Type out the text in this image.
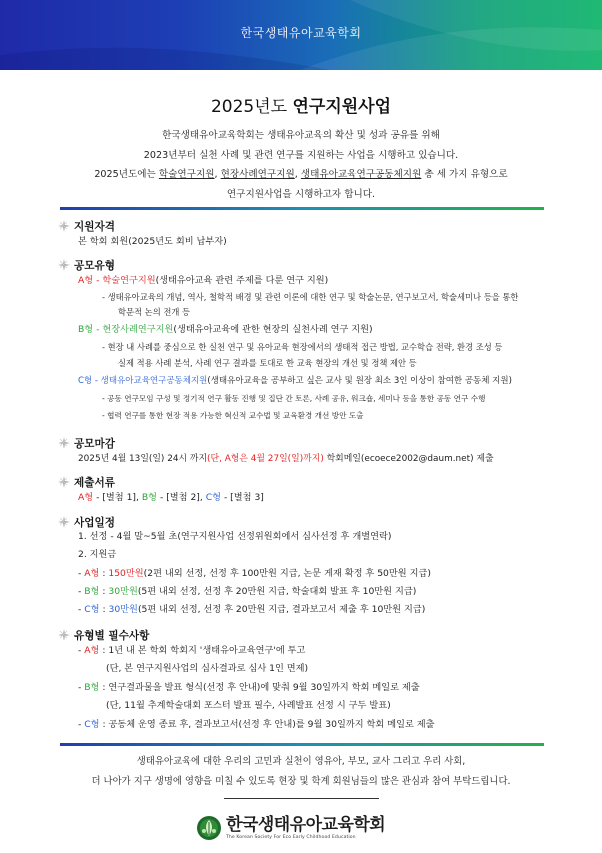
한국생태유아교육학회
2025년도 연구지원사업
한국생태유아교육학회는 생태유아교육의 확산 및 성과 공유를 위해
2023년부터 실천 사례 및 관련 연구를 지원하는 사업을 시행하고 있습니다.
2025년도에는 학술연구지원, 현장사례연구지원, 생태유아교육연구공동체지원 총 세 가지 유형으로
연구지원사업을 시행하고자 합니다.
지원자격
본 학회 회원(2025년도 회비 납부자)
공모유형
A형 - 학술연구지원(생태유아교육 관련 주제를 다룬 연구 지원)
- 생태유아교육의 개념, 역사, 철학적 배경 및 관련 이론에 대한 연구 및 학술논문, 연구보고서, 학술세미나 등을 통한
학문적 논의 전개 등
B형 - 현장사례연구지원(생태유아교육에 관한 현장의 실천사례 연구 지원)
- 현장 내 사례를 중심으로 한 실천 연구 및 유아교육 현장에서의 생태적 접근 방법, 교수학습 전략, 환경 조성 등
실제 적용 사례 분석, 사례 연구 결과를 토대로 한 교육 현장의 개선 및 정책 제안 등
C형 - 생태유아교육연구공동체지원(생태유아교육을 공부하고 싶은 교사 및 원장 최소 3인 이상이 참여한 공동체 지원)
- 공동 연구모임 구성 및 정기적 연구 활동 진행 및 집단 간 토론, 사례 공유, 워크숍, 세미나 등을 통한 공동 연구 수행
- 협력 연구를 통한 현장 적용 가능한 혁신적 교수법 및 교육환경 개선 방안 도출
공모마감
2025년 4월 13일(일) 24시 까지(단, A형은 4월 27일(일)까지) 학회메일(ecoece2002@daum.net) 제출
제출서류
A형 - [별첨 1], B형 - [별첨 2], C형 - [별첨 3]
사업일정
1. 선정 - 4월 말~5월 초(연구지원사업 선정위원회에서 심사선정 후 개별연락)
2. 지원금
- A형 : 150만원(2편 내외 선정, 선정 후 100만원 지급, 논문 게재 확정 후 50만원 지급)
- B형 : 30만원(5편 내외 선정, 선정 후 20만원 지급, 학술대회 발표 후 10만원 지급)
- C형 : 30만원(5편 내외 선정, 선정 후 20만원 지급, 결과보고서 제출 후 10만원 지급)
유형별 필수사항
- A형 : 1년 내 본 학회 학회지 '생태유아교육연구'에 투고
(단, 본 연구지원사업의 심사결과로 심사 1인 면제)
- B형 : 연구결과물을 발표 형식(선정 후 안내)에 맞춰 9월 30일까지 학회 메일로 제출
(단, 11월 추계학술대회 포스터 발표 필수, 사례발표 선정 시 구두 발표)
- C형 : 공동체 운영 종료 후, 결과보고서(선정 후 안내)를 9월 30일까지 학회 메일로 제출
생태유아교육에 대한 우리의 고민과 실천이 영유아, 부모, 교사 그리고 우리 사회,
더 나아가 지구 생명에 영향을 미칠 수 있도록 현장 및 학계 회원님들의 많은 관심과 참여 부탁드립니다.
한국생태유아교육학회
The Korean Society For Eco Early Childhood Education
